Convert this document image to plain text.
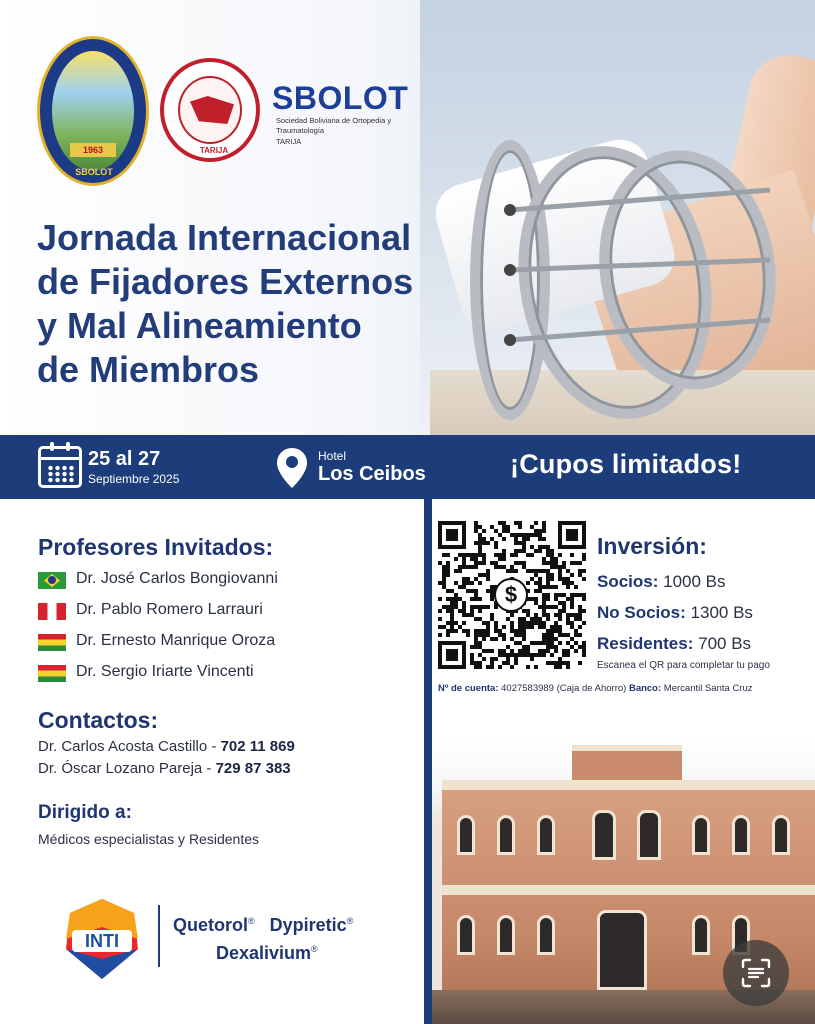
1963
SBOLOT
TARIJA
SBOLOT
Sociedad Boliviana de Ortopedia y Traumatología
TARIJA
Jornada Internacional
de Fijadores Externos
y Mal Alineamiento
de Miembros
25 al 27
Septiembre 2025
Hotel
Los Ceibos	¡Cupos limitados!
Profesores Invitados:
Dr. José Carlos Bongiovanni
Dr. Pablo Romero Larrauri
Dr. Ernesto Manrique Oroza
Dr. Sergio Iriarte Vincenti
Contactos:
Dr. Carlos Acosta Castillo - 702 11 869
Dr. Óscar Lozano Pareja - 729 87 383
Dirigido a:
Médicos especialistas y Residentes
INTI
Quetorol® Dypiretic®
Dexalivium®
$
Inversión:
Socios: 1000 Bs
No Socios: 1300 Bs
Residentes: 700 Bs
Escanea el QR para completar tu pago
Nº de cuenta: 4027583989 (Caja de Ahorro) Banco: Mercantil Santa Cruz
